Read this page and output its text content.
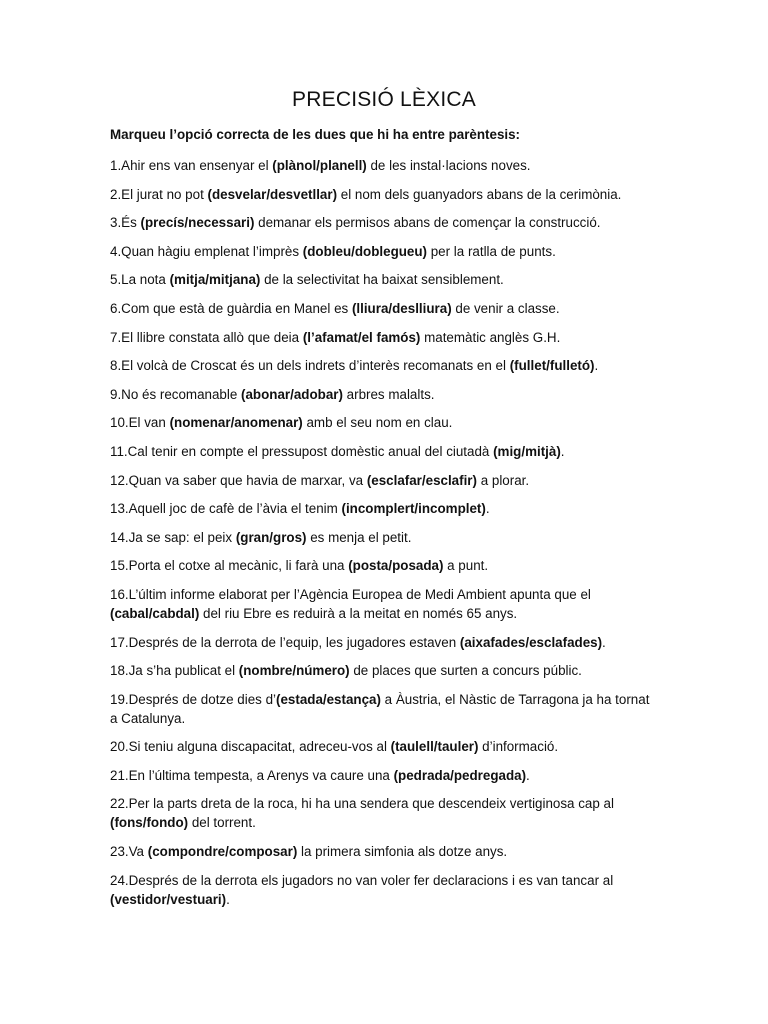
PRECISIÓ LÈXICA

Marqueu l’opció correcta de les dues que hi ha entre parèntesis:

1.Ahir ens van ensenyar el (plànol/planell) de les instal·lacions noves.
2.El jurat no pot (desvelar/desvetllar) el nom dels guanyadors abans de la cerimònia.
3.És (precís/necessari) demanar els permisos abans de començar la construcció.
4.Quan hàgiu emplenat l’imprès (dobleu/doblegueu) per la ratlla de punts.
5.La nota (mitja/mitjana) de la selectivitat ha baixat sensiblement.
6.Com que està de guàrdia en Manel es (lliura/deslliura) de venir a classe.
7.El llibre constata allò que deia (l’afamat/el famós) matemàtic anglès G.H.
8.El volcà de Croscat és un dels indrets d’interès recomanats en el (fullet/fulletó).
9.No és recomanable (abonar/adobar) arbres malalts.
10.El van (nomenar/anomenar) amb el seu nom en clau.
11.Cal tenir en compte el pressupost domèstic anual del ciutadà (mig/mitjà).
12.Quan va saber que havia de marxar, va (esclafar/esclafir) a plorar.
13.Aquell joc de cafè de l’àvia el tenim (incomplert/incomplet).
14.Ja se sap: el peix (gran/gros) es menja el petit.
15.Porta el cotxe al mecànic, li farà una (posta/posada) a punt.
16.L’últim informe elaborat per l’Agència Europea de Medi Ambient apunta que el (cabal/cabdal) del riu Ebre es reduirà a la meitat en només 65 anys.
17.Després de la derrota de l’equip, les jugadores estaven (aixafades/esclafades).
18.Ja s’ha publicat el (nombre/número) de places que surten a concurs públic.
19.Després de dotze dies d’(estada/estança) a Àustria, el Nàstic de Tarragona ja ha tornat a Catalunya.
20.Si teniu alguna discapacitat, adreceu-vos al (taulell/tauler) d’informació.
21.En l’última tempesta, a Arenys va caure una (pedrada/pedregada).
22.Per la parts dreta de la roca, hi ha una sendera que descendeix vertiginosa cap al (fons/fondo) del torrent.
23.Va (compondre/composar) la primera simfonia als dotze anys.
24.Després de la derrota els jugadors no van voler fer declaracions i es van tancar al (vestidor/vestuari).
